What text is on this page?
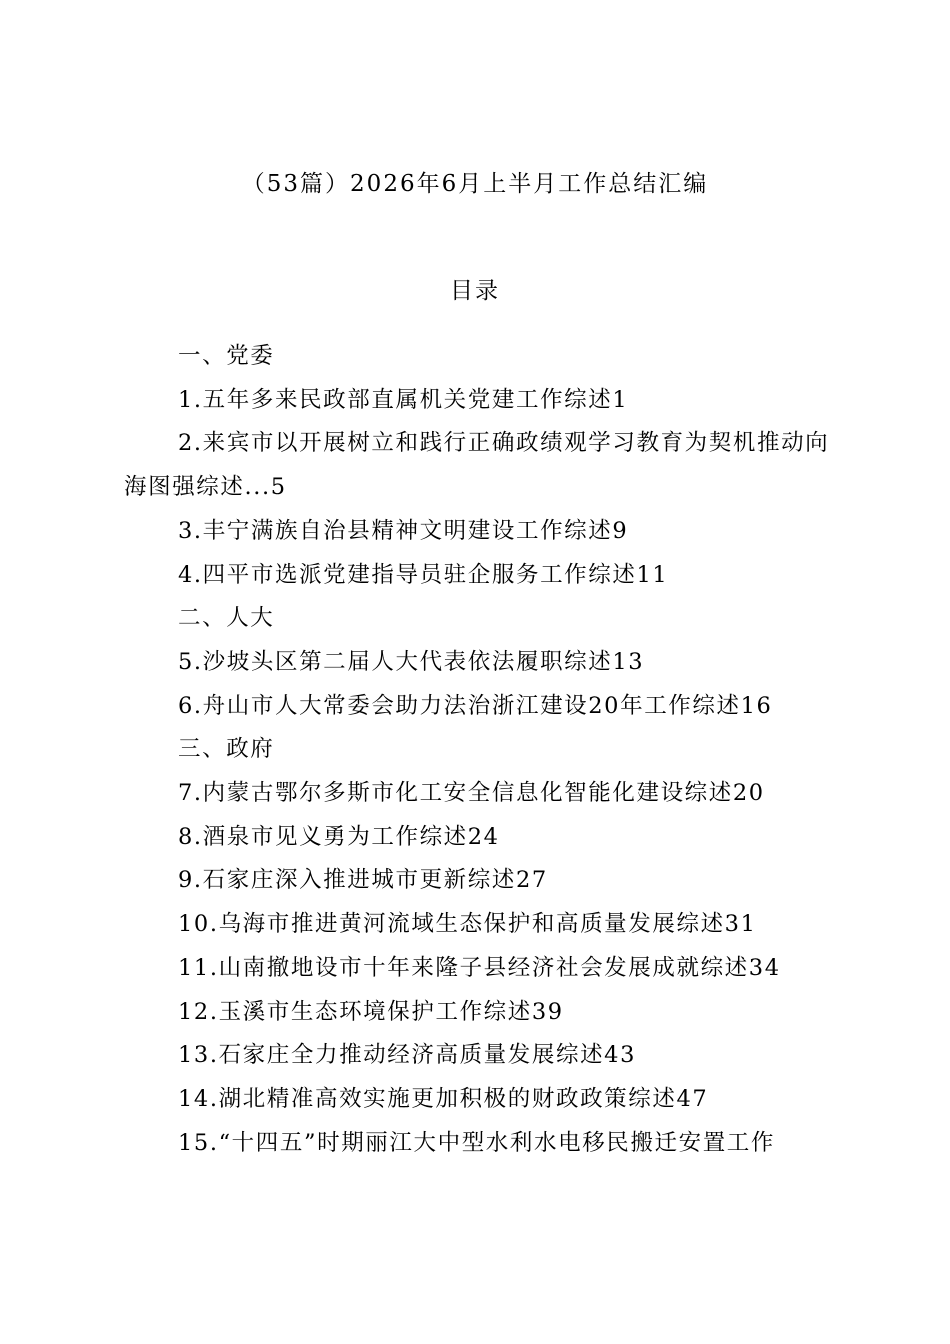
（53篇）2026年6月上半月工作总结汇编
目录
一、党委
1.五年多来民政部直属机关党建工作综述1
2.来宾市以开展树立和践行正确政绩观学习教育为契机推动向海图强综述...5
3.丰宁满族自治县精神文明建设工作综述9
4.四平市选派党建指导员驻企服务工作综述11
二、人大
5.沙坡头区第二届人大代表依法履职综述13
6.舟山市人大常委会助力法治浙江建设20年工作综述16
三、政府
7.内蒙古鄂尔多斯市化工安全信息化智能化建设综述20
8.酒泉市见义勇为工作综述24
9.石家庄深入推进城市更新综述27
10.乌海市推进黄河流域生态保护和高质量发展综述31
11.山南撤地设市十年来隆子县经济社会发展成就综述34
12.玉溪市生态环境保护工作综述39
13.石家庄全力推动经济高质量发展综述43
14.湖北精准高效实施更加积极的财政政策综述47
15.“十四五”时期丽江大中型水利水电移民搬迁安置工作
